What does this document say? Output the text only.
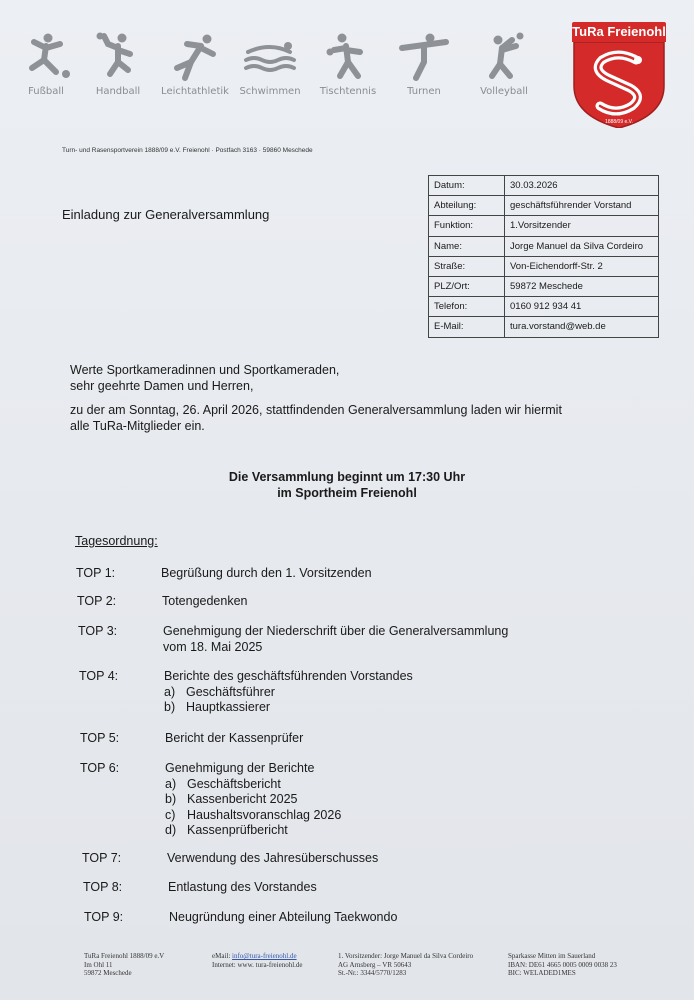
Fußball	Handball	Leichtathletik	Schwimmen	Tischtennis	Turnen	Volleyball
TuRa Freienohl
1888/09 e.V.
Turn- und Rasensportverein 1888/09 e.V. Freienohl · Postfach 3163 · 59860 Meschede
Einladung zur Generalversammlung
Datum:	30.03.2026
Abteilung:	geschäftsführender Vorstand
Funktion:	1.Vorsitzender
Name:	Jorge Manuel da Silva Cordeiro
Straße:	Von-Eichendorff-Str. 2
PLZ/Ort:	59872 Meschede
Telefon:	0160 912 934 41
E-Mail:	tura.vorstand@web.de
Werte Sportkameradinnen und Sportkameraden,
sehr geehrte Damen und Herren,
zu der am Sonntag, 26. April 2026, stattfindenden Generalversammlung laden wir hiermit
alle TuRa-Mitglieder ein.
Die Versammlung beginnt um 17:30 Uhr
im Sportheim Freienohl
Tagesordnung:
TOP 1:	Begrüßung durch den 1. Vorsitzenden
TOP 2:	Totengedenken
TOP 3:	Genehmigung der Niederschrift über die Generalversammlung
vom 18. Mai 2025
TOP 4:	Berichte des geschäftsführenden Vorstandes
a) Geschäftsführer
b) Hauptkassierer
TOP 5:	Bericht der Kassenprüfer
TOP 6:	Genehmigung der Berichte
a) Geschäftsbericht
b) Kassenbericht 2025
c) Haushaltsvoranschlag 2026
d) Kassenprüfbericht
TOP 7:	Verwendung des Jahresüberschusses
TOP 8:	Entlastung des Vorstandes
TOP 9:	Neugründung einer Abteilung Taekwondo
TuRa Freienohl 1888/09 e.V
Im Ohl 11
59872 Meschede
eMail: info@tura-freienohl.de
Internet: www. tura-freienohl.de
1. Vorsitzender: Jorge Manuel da Silva Cordeiro
AG Arnsberg – VR 50643
St.-Nr.: 3344/5770/1283
Sparkasse Mitten im Sauerland
IBAN: DE61 4665 0005 0009 0038 23
BIC: WELADED1MES
